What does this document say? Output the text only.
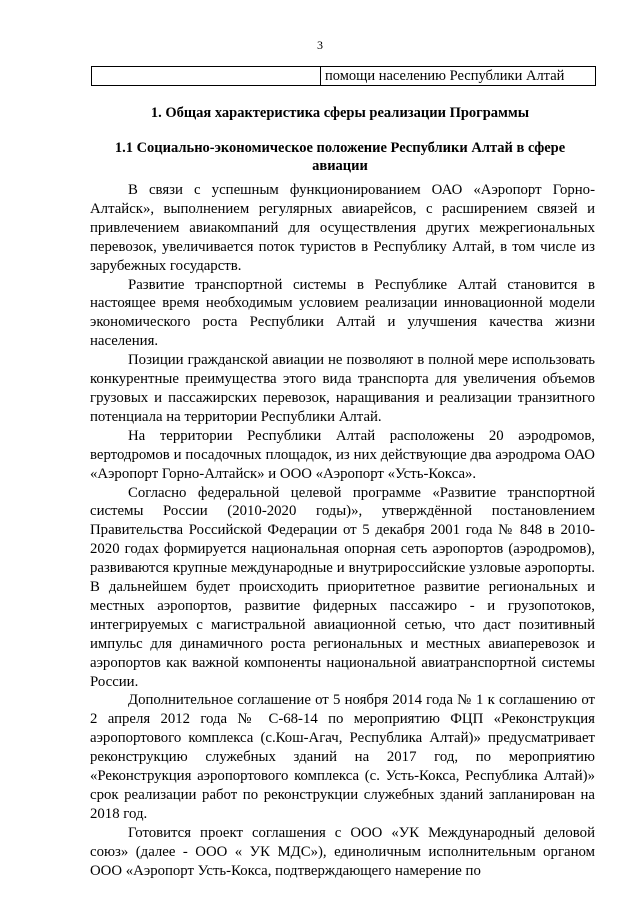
3
	помощи населению Республики Алтай
1. Общая характеристика сферы реализации Программы
1.1 Социально-экономическое положение Республики Алтай в сфере
авиации

В связи с успешным функционированием ОАО «Аэропорт Горно-Алтайск», выполнением регулярных авиарейсов, с расширением связей и привлечением авиакомпаний для осуществления других межрегиональных перевозок, увеличивается поток туристов в Республику Алтай, в том числе из зарубежных государств.

Развитие транспортной системы в Республике Алтай становится в настоящее время необходимым условием реализации инновационной модели экономического роста Республики Алтай и улучшения качества жизни населения.

Позиции гражданской авиации не позволяют в полной мере использовать конкурентные преимущества этого вида транспорта для увеличения объемов грузовых и пассажирских перевозок, наращивания и реализации транзитного потенциала на территории Республики Алтай.

На территории Республики Алтай расположены 20 аэродромов, вертодромов и посадочных площадок, из них действующие два аэродрома ОАО «Аэропорт Горно-Алтайск» и ООО «Аэропорт «Усть-Кокса».

Согласно федеральной целевой программе «Развитие транспортной системы России (2010-2020 годы)», утверждённой постановлением Правительства Российской Федерации от 5 декабря 2001 года № 848 в 2010-2020 годах формируется национальная опорная сеть аэропортов (аэродромов), развиваются крупные международные и внутрироссийские узловые аэропорты. В дальнейшем будет происходить приоритетное развитие региональных и местных аэропортов, развитие фидерных пассажиро - и грузопотоков, интегрируемых с магистральной авиационной сетью, что даст позитивный импульс для динамичного роста региональных и местных авиаперевозок и аэропортов как важной компоненты национальной авиатранспортной системы России.

Дополнительное соглашение от 5 ноября 2014 года № 1 к соглашению от 2 апреля 2012 года № С-68-14 по мероприятию ФЦП «Реконструкция аэропортового комплекса (с.Кош-Агач, Республика Алтай)» предусматривает реконструкцию служебных зданий на 2017 год, по мероприятию «Реконструкция аэропортового комплекса (с. Усть-Кокса, Республика Алтай)» срок реализации работ по реконструкции служебных зданий запланирован на 2018 год.

Готовится проект соглашения с ООО «УК Международный деловой союз» (далее - ООО « УК МДС»), единоличным исполнительным органом ООО «Аэропорт Усть-Кокса, подтверждающего намерение по
